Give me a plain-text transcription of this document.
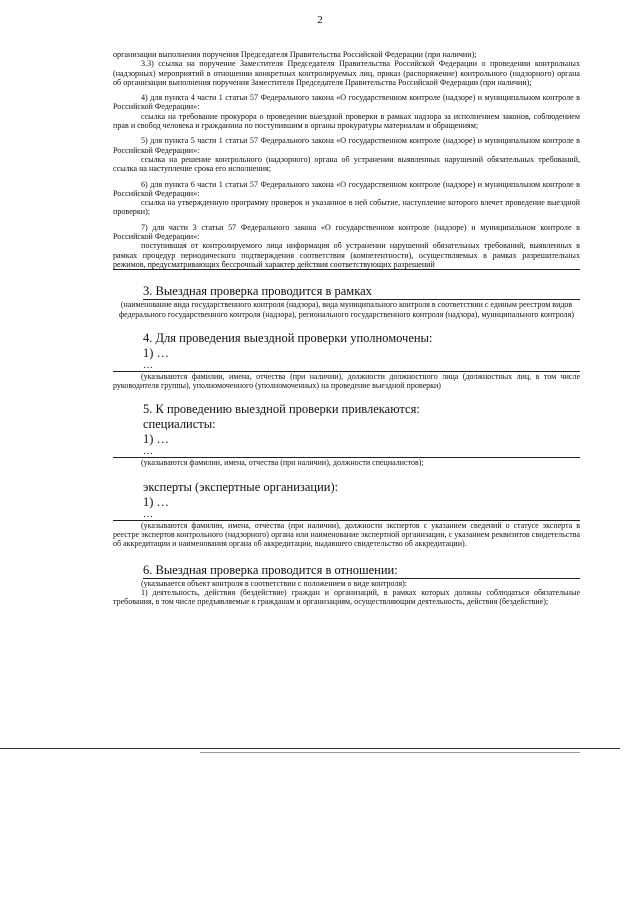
2

организации выполнения поручения Председателя Правительства Российской Федерации (при наличии);

3.3) ссылка на поручение Заместителя Председателя Правительства Российской Федерации о проведении контрольных (надзорных) мероприятий в отношении конкретных контролируемых лиц, приказ (распоряжение) контрольного (надзорного) органа об организации выполнения поручения Заместителя Председателя Правительства Российской Федерации (при наличии);

4) для пункта 4 части 1 статьи 57 Федерального закона «О государственном контроле (надзоре) и муниципальном контроле в Российской Федерации»:

ссылка на требование прокурора о проведении выездной проверки в рамках надзора за исполнением законов, соблюдением прав и свобод человека и гражданина по поступившим в органы прокуратуры материалам и обращениям;

5) для пункта 5 части 1 статьи 57 Федерального закона «О государственном контроле (надзоре) и муниципальном контроле в Российской Федерации»:

ссылка на решение контрольного (надзорного) органа об устранении выявленных нарушений обязательных требований, ссылка на наступление срока его исполнения;

6) для пункта 6 части 1 статьи 57 Федерального закона «О государственном контроле (надзоре) и муниципальном контроле в Российской Федерации»:

ссылка на утвержденную программу проверок и указанное в ней событие, наступление которого влечет проведение выездной проверки);

7) для части 3 статьи 57 Федерального закона «О государственном контроле (надзоре) и муниципальном контроле в Российской Федерации»:

поступившая от контролируемого лица информация об устранении нарушений обязательных требований, выявленных в рамках процедур периодического подтверждения соответствия (компетентности), осуществляемых в рамках разрешительных режимов, предусматривающих бессрочный характер действия соответствующих разрешений

3. Выездная проверка проводится в рамках
(наименование вида государственного контроля (надзора), вида муниципального контроля в соответствии с единым реестром видов федерального государственного контроля (надзора), регионального государственного контроля (надзора), муниципального контроля)
4. Для проведения выездной проверки уполномочены:
1) …
…
(указываются фамилии, имена, отчества (при наличии), должности должностного лица (должностных лиц, в том числе руководителя группы), уполномоченного (уполномоченных) на проведение выездной проверки)
5. К проведению выездной проверки привлекаются:
специалисты:
1) …
…
(указываются фамилии, имена, отчества (при наличии), должности специалистов);
эксперты (экспертные организации):
1) …
…
(указываются фамилии, имена, отчества (при наличии), должности экспертов с указанием сведений о статусе эксперта в реестре экспертов контрольного (надзорного) органа или наименование экспертной организации, с указанием реквизитов свидетельства об аккредитации и наименования органа об аккредитации, выдавшего свидетельство об аккредитации).
6. Выездная проверка проводится в отношении:
(указывается объект контроля в соответствии с положением о виде контроля):
1) деятельность, действия (бездействие) граждан и организаций, в рамках которых должны соблюдаться обязательные требования, в том числе предъявляемые к гражданам и организациям, осуществляющим деятельность, действия (бездействие);
